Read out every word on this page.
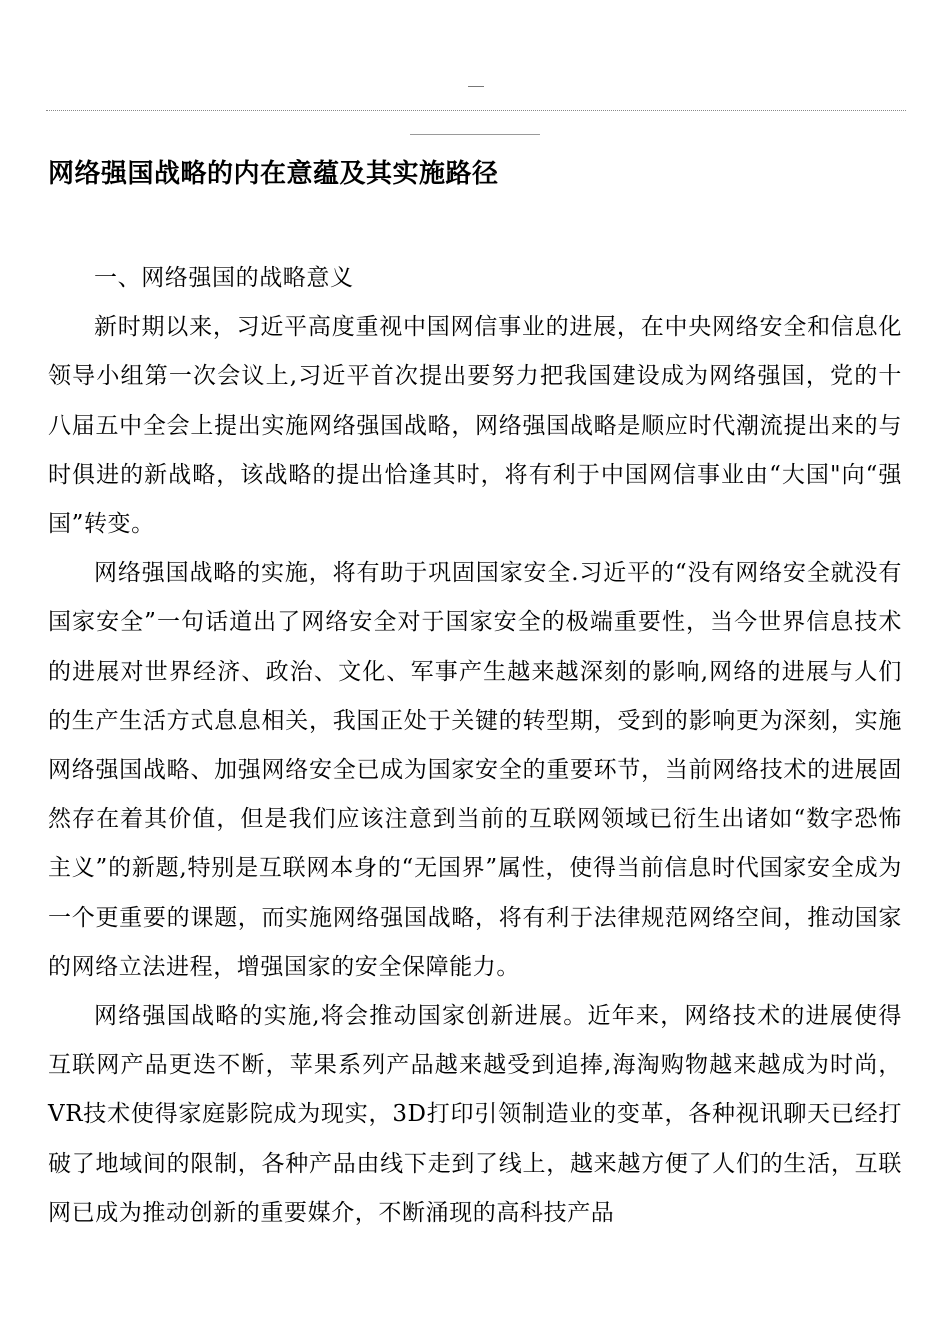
网络强国战略的内在意蕴及其实施路径

一、网络强国的战略意义

新时期以来，习近平高度重视中国网信事业的进展，在中央网络安全和信息化领导小组第一次会议上,习近平首次提出要努力把我国建设成为网络强国，党的十八届五中全会上提出实施网络强国战略，网络强国战略是顺应时代潮流提出来的与时俱进的新战略，该战略的提出恰逢其时，将有利于中国网信事业由“大国"向“强国”转变。

网络强国战略的实施，将有助于巩固国家安全.习近平的“没有网络安全就没有国家安全”一句话道出了网络安全对于国家安全的极端重要性，当今世界信息技术的进展对世界经济、政治、文化、军事产生越来越深刻的影响,网络的进展与人们的生产生活方式息息相关，我国正处于关键的转型期，受到的影响更为深刻，实施网络强国战略、加强网络安全已成为国家安全的重要环节，当前网络技术的进展固然存在着其价值，但是我们应该注意到当前的互联网领域已衍生出诸如“数字恐怖主义”的新题,特别是互联网本身的“无国界”属性，使得当前信息时代国家安全成为一个更重要的课题，而实施网络强国战略，将有利于法律规范网络空间，推动国家的网络立法进程，增强国家的安全保障能力。

网络强国战略的实施,将会推动国家创新进展。近年来，网络技术的进展使得互联网产品更迭不断，苹果系列产品越来越受到追捧,海淘购物越来越成为时尚，VR技术使得家庭影院成为现实，3D打印引领制造业的变革，各种视讯聊天已经打破了地域间的限制，各种产品由线下走到了线上，越来越方便了人们的生活，互联网已成为推动创新的重要媒介，不断涌现的高科技产品
